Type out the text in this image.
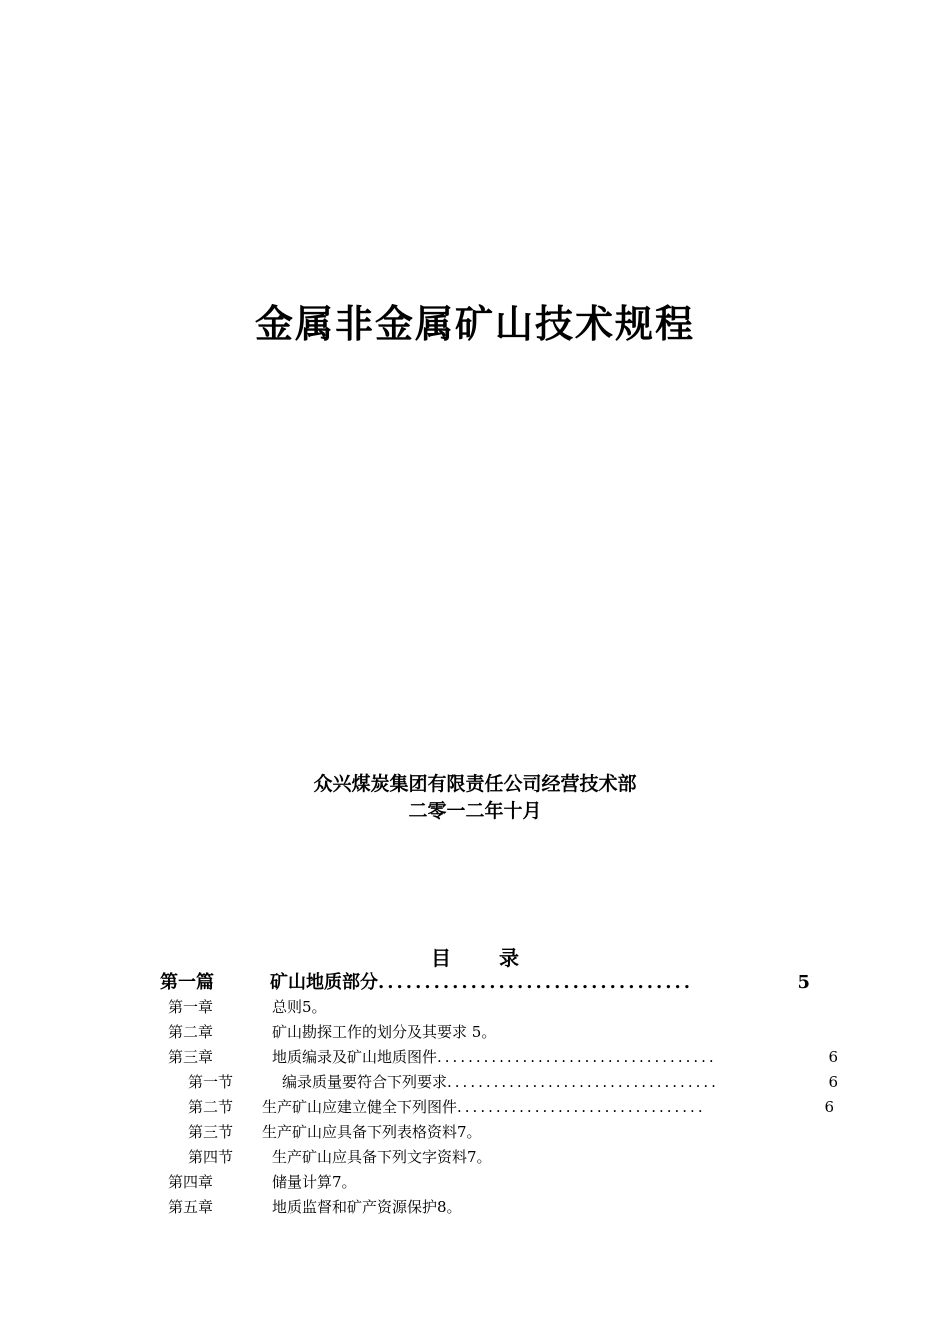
金属非金属矿山技术规程
众兴煤炭集团有限责任公司经营技术部
二零一二年十月
目 录
第一篇	矿山地质部分 ..................................	5
第一章	总则5。
第二章	矿山勘探工作的划分及其要求 5。
第三章	地质编录及矿山地质图件 ....................................	6
第一节	编录质量要符合下列要求 ...................................	6
第二节 生产矿山应建立健全下列图件 ................................	6
第三节 生产矿山应具备下列表格资料7。
第四节	生产矿山应具备下列文字资料7。
第四章	储量计算7。
第五章	地质监督和矿产资源保护8。
